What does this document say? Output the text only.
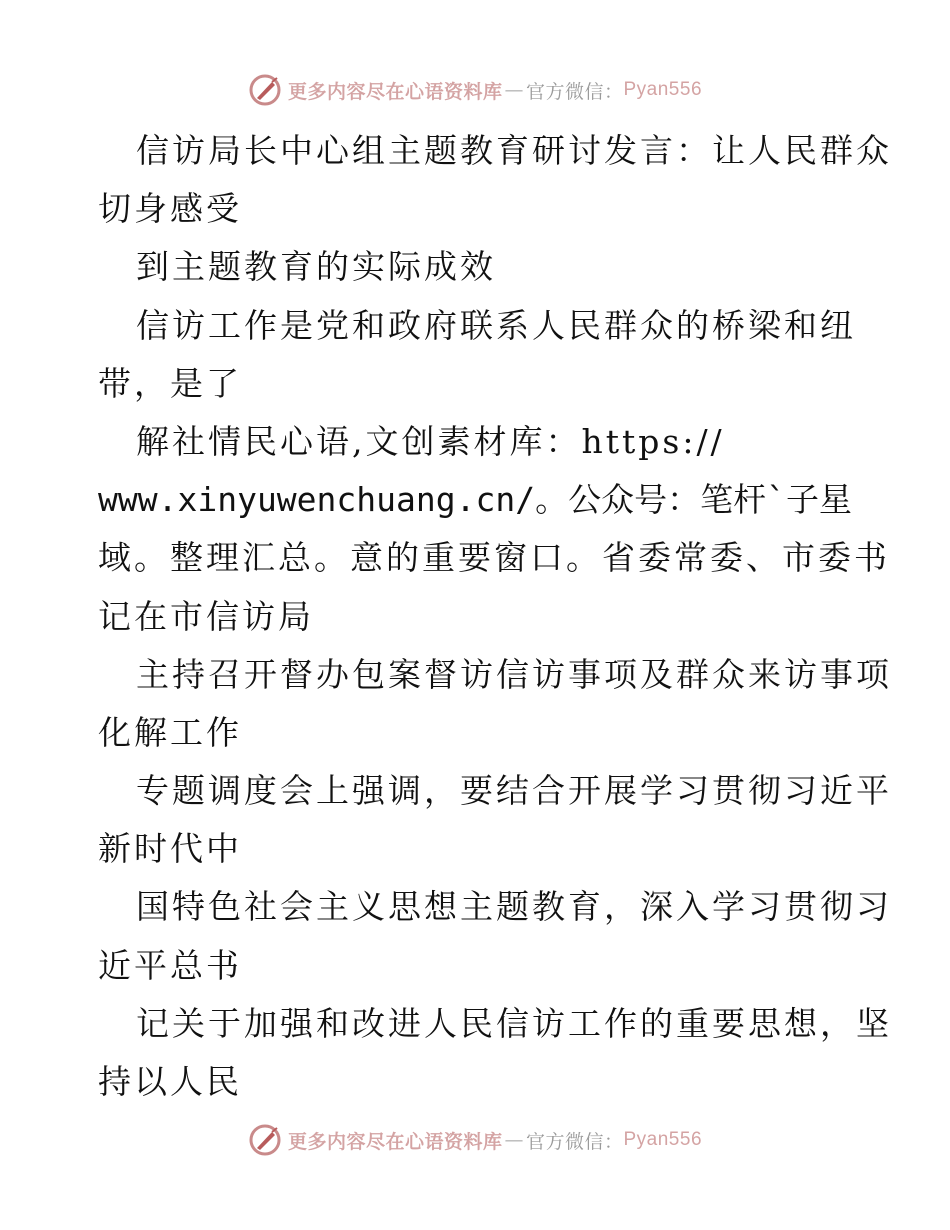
更多内容尽在心语资料库 — 官方微信： Pyan556
信访局长中心组主题教育研讨发言：让人民群众
切身感受
到主题教育的实际成效
信访工作是党和政府联系人民群众的桥梁和纽
带，是了
解社情民心语,文创素材库：https://
www.xinyuwenchuang.cn/。公众号：笔杆`子星
域。整理汇总。意的重要窗口。省委常委、市委书
记在市信访局
主持召开督办包案督访信访事项及群众来访事项
化解工作
专题调度会上强调，要结合开展学习贯彻习近平
新时代中
国特色社会主义思想主题教育，深入学习贯彻习
近平总书
记关于加强和改进人民信访工作的重要思想，坚
持以人民
更多内容尽在心语资料库 — 官方微信： Pyan556
